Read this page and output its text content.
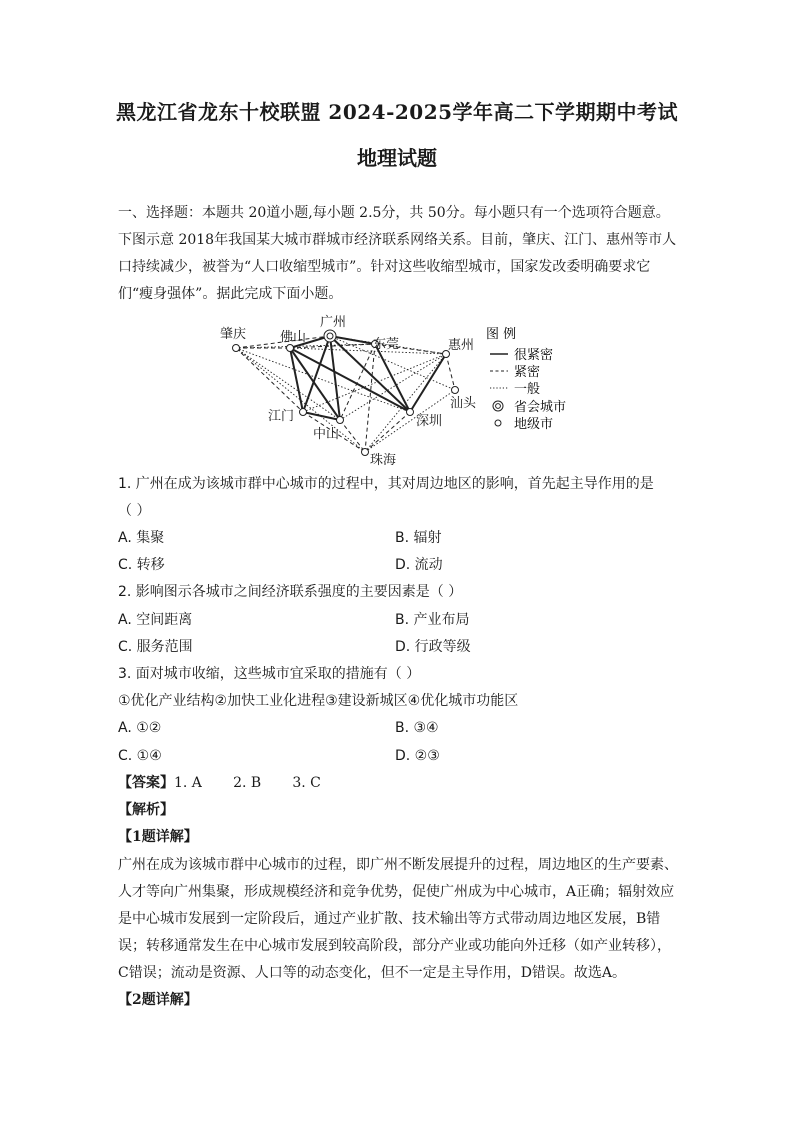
黑龙江省龙东十校联盟 2024-2025学年高二下学期期中考试
地理试题
一、选择题：本题共 20道小题,每小题 2.5分，共 50分。每小题只有一个选项符合题意。
下图示意 2018年我国某大城市群城市经济联系网络关系。目前，肇庆、江门、惠州等市人口持续减少，被誉为“人口收缩型城市”。针对这些收缩型城市，国家发改委明确要求它们“瘦身强体”。据此完成下面小题。
肇庆	佛山
广州
东莞	惠州
汕头
江门
中山
深圳
珠海
图 例
很紧密
紧密
一般
省会城市
地级市
1. 广州在成为该城市群中心城市的过程中，其对周边地区的影响，首先起主导作用的是
（ ）
A. 集聚	B. 辐射
C. 转移	D. 流动
2. 影响图示各城市之间经济联系强度的主要因素是（ ）
A. 空间距离	B. 产业布局
C. 服务范围	D. 行政等级
3. 面对城市收缩，这些城市宜采取的措施有（ ）
①优化产业结构②加快工业化进程③建设新城区④优化城市功能区
A. ①②	B. ③④
C. ①④	D. ②③
【答案】1. A       2. B       3. C
【解析】
【1题详解】
广州在成为该城市群中心城市的过程，即广州不断发展提升的过程，周边地区的生产要素、人才等向广州集聚，形成规模经济和竞争优势，促使广州成为中心城市，A正确；辐射效应是中心城市发展到一定阶段后，通过产业扩散、技术输出等方式带动周边地区发展，B错误；转移通常发生在中心城市发展到较高阶段，部分产业或功能向外迁移（如产业转移），C错误；流动是资源、人口等的动态变化，但不一定是主导作用，D错误。故选A。
【2题详解】
